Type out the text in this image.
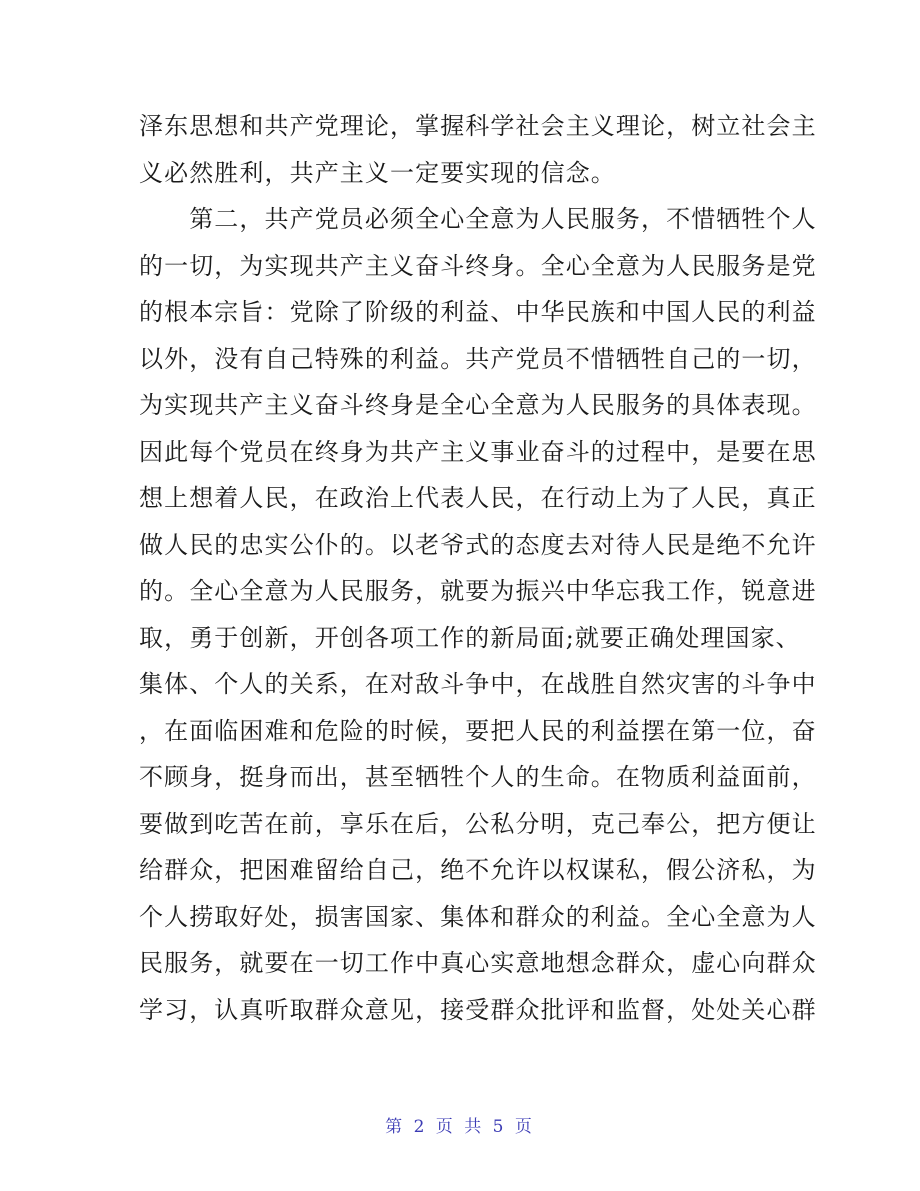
泽东思想和共产党理论，掌握科学社会主义理论，树立社会主
义必然胜利，共产主义一定要实现的信念。
　　第二，共产党员必须全心全意为人民服务，不惜牺牲个人
的一切，为实现共产主义奋斗终身。全心全意为人民服务是党
的根本宗旨：党除了阶级的利益、中华民族和中国人民的利益
以外，没有自己特殊的利益。共产党员不惜牺牲自己的一切，
为实现共产主义奋斗终身是全心全意为人民服务的具体表现。
因此每个党员在终身为共产主义事业奋斗的过程中，是要在思
想上想着人民，在政治上代表人民，在行动上为了人民，真正
做人民的忠实公仆的。以老爷式的态度去对待人民是绝不允许
的。全心全意为人民服务，就要为振兴中华忘我工作，锐意进
取，勇于创新，开创各项工作的新局面;就要正确处理国家、
集体、个人的关系，在对敌斗争中，在战胜自然灾害的斗争中
，在面临困难和危险的时候，要把人民的利益摆在第一位，奋
不顾身，挺身而出，甚至牺牲个人的生命。在物质利益面前，
要做到吃苦在前，享乐在后，公私分明，克己奉公，把方便让
给群众，把困难留给自己，绝不允许以权谋私，假公济私，为
个人捞取好处，损害国家、集体和群众的利益。全心全意为人
民服务，就要在一切工作中真心实意地想念群众，虚心向群众
学习，认真听取群众意见，接受群众批评和监督，处处关心群
第 2 页 共 5 页
